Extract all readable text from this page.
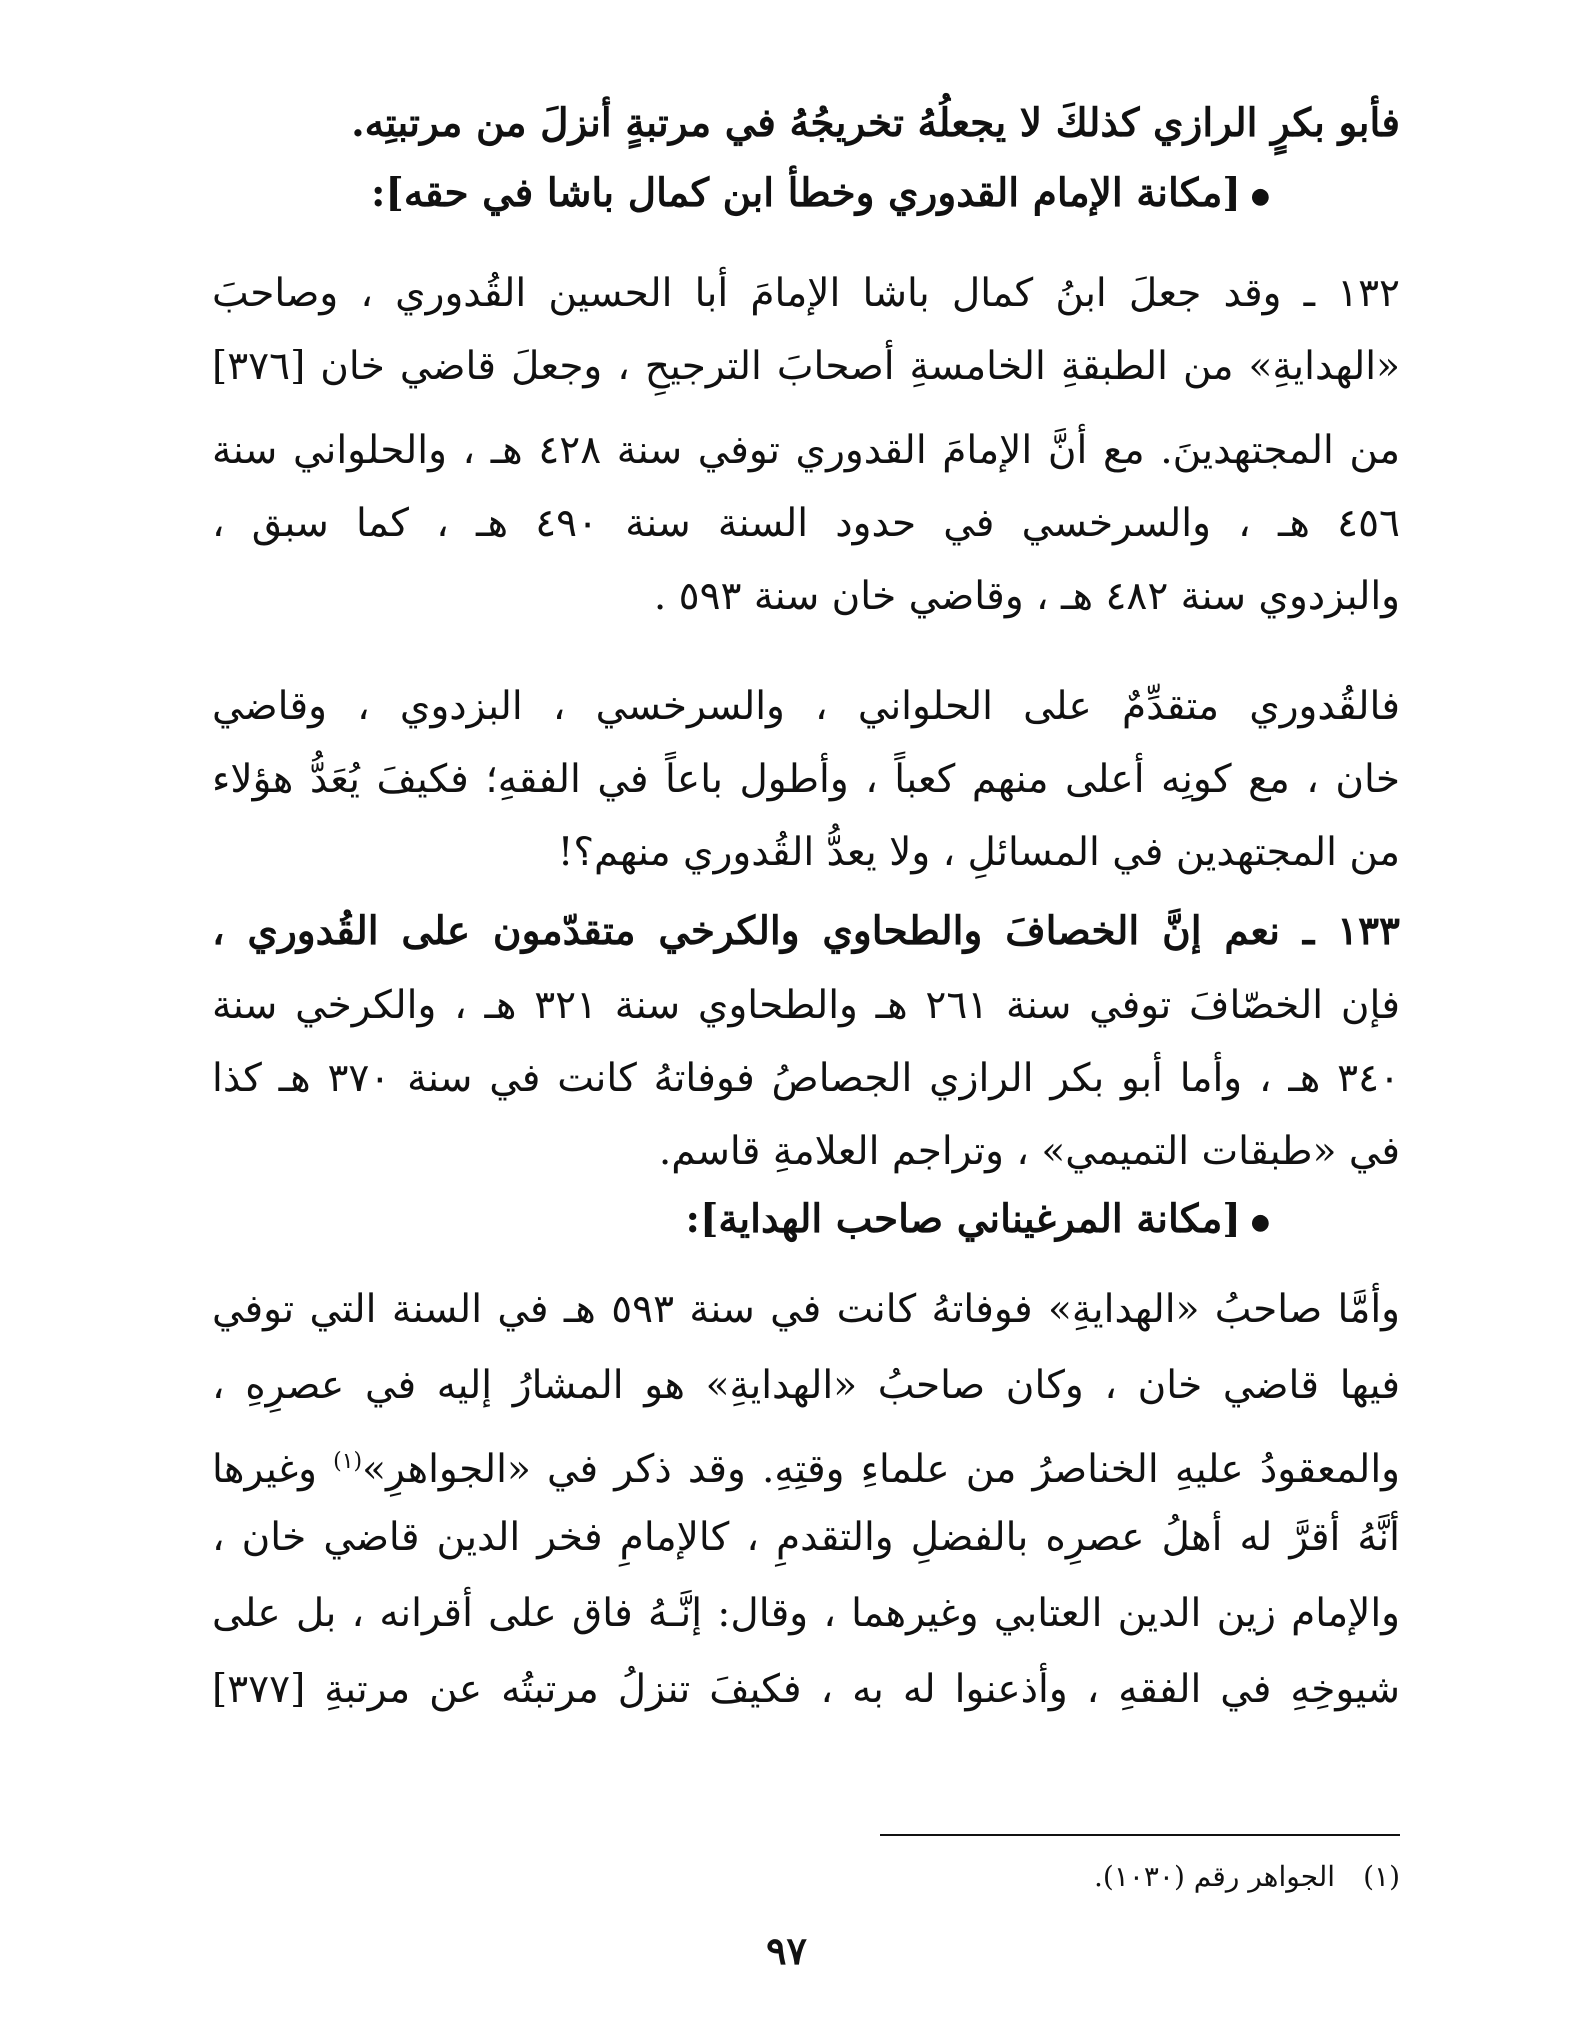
فأبو بكرٍ الرازي كذلكَ لا يجعلُهُ تخريجُهُ في مرتبةٍ أنزلَ من مرتبتِه.
●[مكانة الإمام القدوري وخطأ ابن كمال باشا في حقه]:
١٣٢ ـ وقد جعلَ ابنُ كمال باشا الإمامَ أبا الحسين القُدوري ، وصاحبَ
«الهدايةِ» من الطبقةِ الخامسةِ أصحابَ الترجيحِ ، وجعلَ قاضي خان [٣٧٦]
من المجتهدينَ. مع أنَّ الإمامَ القدوري توفي سنة ٤٢٨ هـ ، والحلواني سنة
٤٥٦ هـ ، والسرخسي في حدود السنة سنة ٤٩٠ هـ ، كما سبق ،
والبزدوي سنة ٤٨٢ هـ ، وقاضي خان سنة ٥٩٣ .
فالقُدوري متقدِّمٌ على الحلواني ، والسرخسي ، البزدوي ، وقاضي
خان ، مع كونِه أعلى منهم كعباً ، وأطول باعاً في الفقهِ؛ فكيفَ يُعَدُّ هؤلاء
من المجتهدين في المسائلِ ، ولا يعدُّ القُدوري منهم؟!
١٣٣ ـ نعم إنَّ الخصافَ والطحاوي والكرخي متقدّمون على القُدوري ،
فإن الخصّافَ توفي سنة ٢٦١ هـ والطحاوي سنة ٣٢١ هـ ، والكرخي سنة
٣٤٠ هـ ، وأما أبو بكر الرازي الجصاصُ فوفاتهُ كانت في سنة ٣٧٠ هـ كذا
في «طبقات التميمي» ، وتراجم العلامةِ قاسم.
●[مكانة المرغيناني صاحب الهداية]:
وأمَّا صاحبُ «الهدايةِ» فوفاتهُ كانت في سنة ٥٩٣ هـ في السنة التي توفي
فيها قاضي خان ، وكان صاحبُ «الهدايةِ» هو المشارُ إليه في عصرِهِ ،
والمعقودُ عليهِ الخناصرُ من علماءِ وقتِهِ. وقد ذكر في «الجواهرِ»$^{(١)}$ وغيرها
أنَّهُ أقرَّ له أهلُ عصرِه بالفضلِ والتقدمِ ، كالإمامِ فخر الدين قاضي خان ،
والإمام زين الدين العتابي وغيرهما ، وقال: إنَّـهُ فاق على أقرانه ، بل على
شيوخِهِ في الفقهِ ، وأذعنوا له به ، فكيفَ تنزلُ مرتبتُه عن مرتبةِ [٣٧٧]
(١)الجواهر رقم (١٠٣٠).
٩٧
